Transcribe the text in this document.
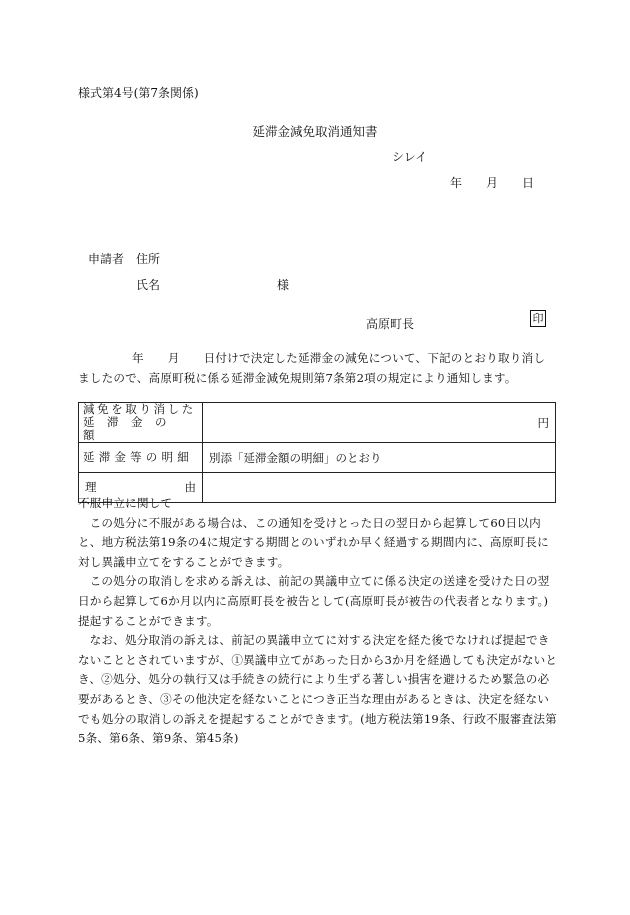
様式第4号(第7条関係)
延滞金減免取消通知書
シレイ
年 月 日
申請者 住所
氏名	様
高原町長	印
年 月 日付けで決定した延滞金の減免について、下記のとおり取り消しましたので、高原町税に係る延滞金減免規則第7条第2項の規定により通知します。
減免を取り消した
延滞金の額	円
延滞金等の明細	別添「延滞金額の明細」のとおり

理 由	

不服申立に関して

この処分に不服がある場合は、この通知を受けとった日の翌日から起算して60日以内と、地方税法第19条の4に規定する期間とのいずれか早く経過する期間内に、高原町長に対し異議申立てをすることができます。

この処分の取消しを求める訴えは、前記の異議申立てに係る決定の送達を受けた日の翌日から起算して6か月以内に高原町長を被告として(高原町長が被告の代表者となります。)提起することができます。

なお、処分取消の訴えは、前記の異議申立てに対する決定を経た後でなければ提起できないこととされていますが、①異議申立てがあった日から3か月を経過しても決定がないとき、②処分、処分の執行又は手続きの続行により生ずる著しい損害を避けるため緊急の必要があるとき、③その他決定を経ないことにつき正当な理由があるときは、決定を経ないでも処分の取消しの訴えを提起することができます。(地方税法第19条、行政不服審査法第5条、第6条、第9条、第45条)
